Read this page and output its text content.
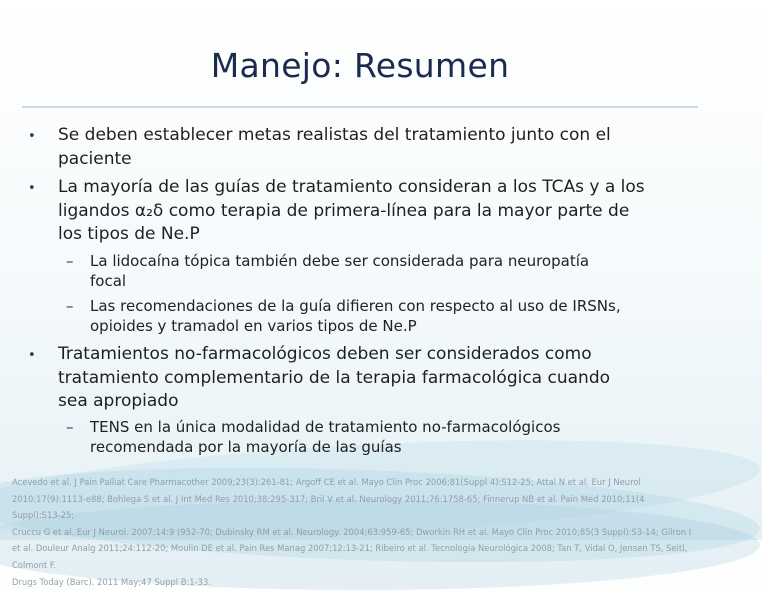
Manejo: Resumen
• Se deben establecer metas realistas del tratamiento junto con el
paciente
• La mayoría de las guías de tratamiento consideran a los TCAs y a los
ligandos α₂δ como terapia de primera-línea para la mayor parte de
los tipos de Ne.P
– La lidocaína tópica también debe ser considerada para neuropatía
focal
– Las recomendaciones de la guía difieren con respecto al uso de IRSNs,
opioides y tramadol en varios tipos de Ne.P
• Tratamientos no-farmacológicos deben ser considerados como
tratamiento complementario de la terapia farmacológica cuando
sea apropiado
– TENS en la única modalidad de tratamiento no-farmacológicos
recomendada por la mayoría de las guías
Acevedo et al. J Pain Palliat Care Pharmacother 2009;23(3):261-81; Argoff CE et al. Mayo Clin Proc 2006;81(Suppl 4):S12-25; Attal N et al. Eur J Neurol
2010;17(9):1113-e88; Bohlega S et al. J Int Med Res 2010;38:295-317; Bril V et al. Neurology 2011;76:1758-65; Finnerup NB et al. Pain Med 2010;11(4 Suppl):S13-25;
Cruccu G et al. Eur J Neurol. 2007;14:9 (952-70; Dubinsky RM et al. Neurology. 2004;63:959-65; Dworkin RH et al. Mayo Clin Proc 2010;85(3 Suppl):S3-14; Gilron I
et al. Douleur Analg 2011;24:112-20; Moulin DE et al. Pain Res Manag 2007;12:13-21; Ribeiro et al. Tecnología Neurológica 2008; Tan T, Vidal O, Jensen TS, Seitl, Colmont F.
Drugs Today (Barc). 2011 May;47 Suppl B:1-33.
